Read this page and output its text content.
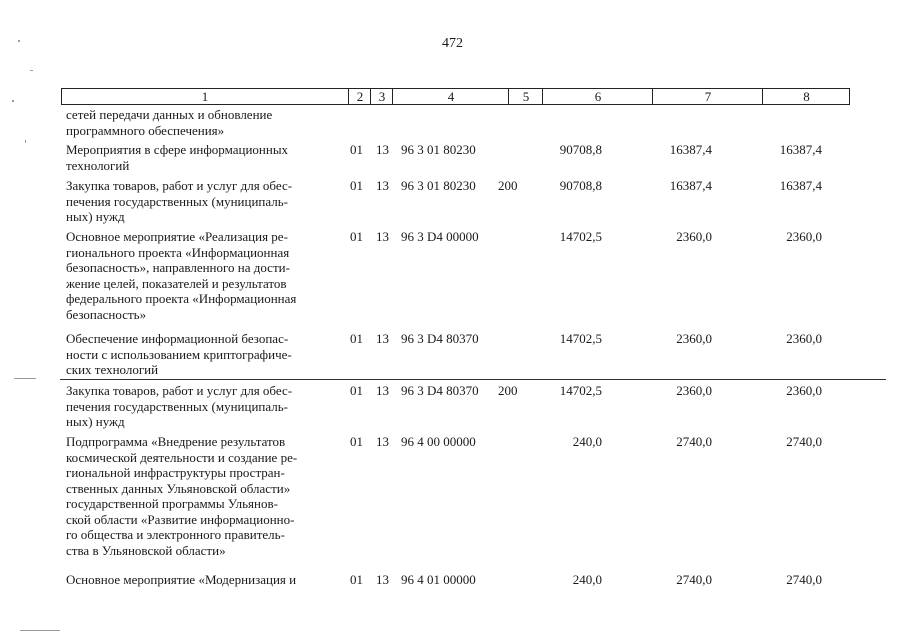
472
1	2	3	4	5	6	7	8
сетей передачи данных и обновление
программного обеспечения»
Мероприятия в сфере информационных
технологий
01 13 96 3 01 80230	90708,8	16387,4	16387,4
Закупка товаров, работ и услуг для обес-
печения государственных (муниципаль-
ных) нужд
01 13 96 3 01 80230 200	90708,8	16387,4	16387,4
Основное мероприятие «Реализация ре-
гионального проекта «Информационная
безопасность», направленного на дости-
жение целей, показателей и результатов
федерального проекта «Информационная
безопасность»
01 13 96 3 D4 00000	14702,5	2360,0	2360,0
Обеспечение информационной безопас-
ности с использованием криптографиче-
ских технологий
01 13 96 3 D4 80370	14702,5	2360,0	2360,0
Закупка товаров, работ и услуг для обес-
печения государственных (муниципаль-
ных) нужд
01 13 96 3 D4 80370 200	14702,5	2360,0	2360,0
Подпрограмма «Внедрение результатов
космической деятельности и создание ре-
гиональной инфраструктуры простран-
ственных данных Ульяновской области»
государственной программы Ульянов-
ской области «Развитие информационно-
го общества и электронного правитель-
ства в Ульяновской области»
01 13 96 4 00 00000	240,0	2740,0	2740,0
Основное мероприятие «Модернизация и	01 13 96 4 01 00000	240,0	2740,0	2740,0
